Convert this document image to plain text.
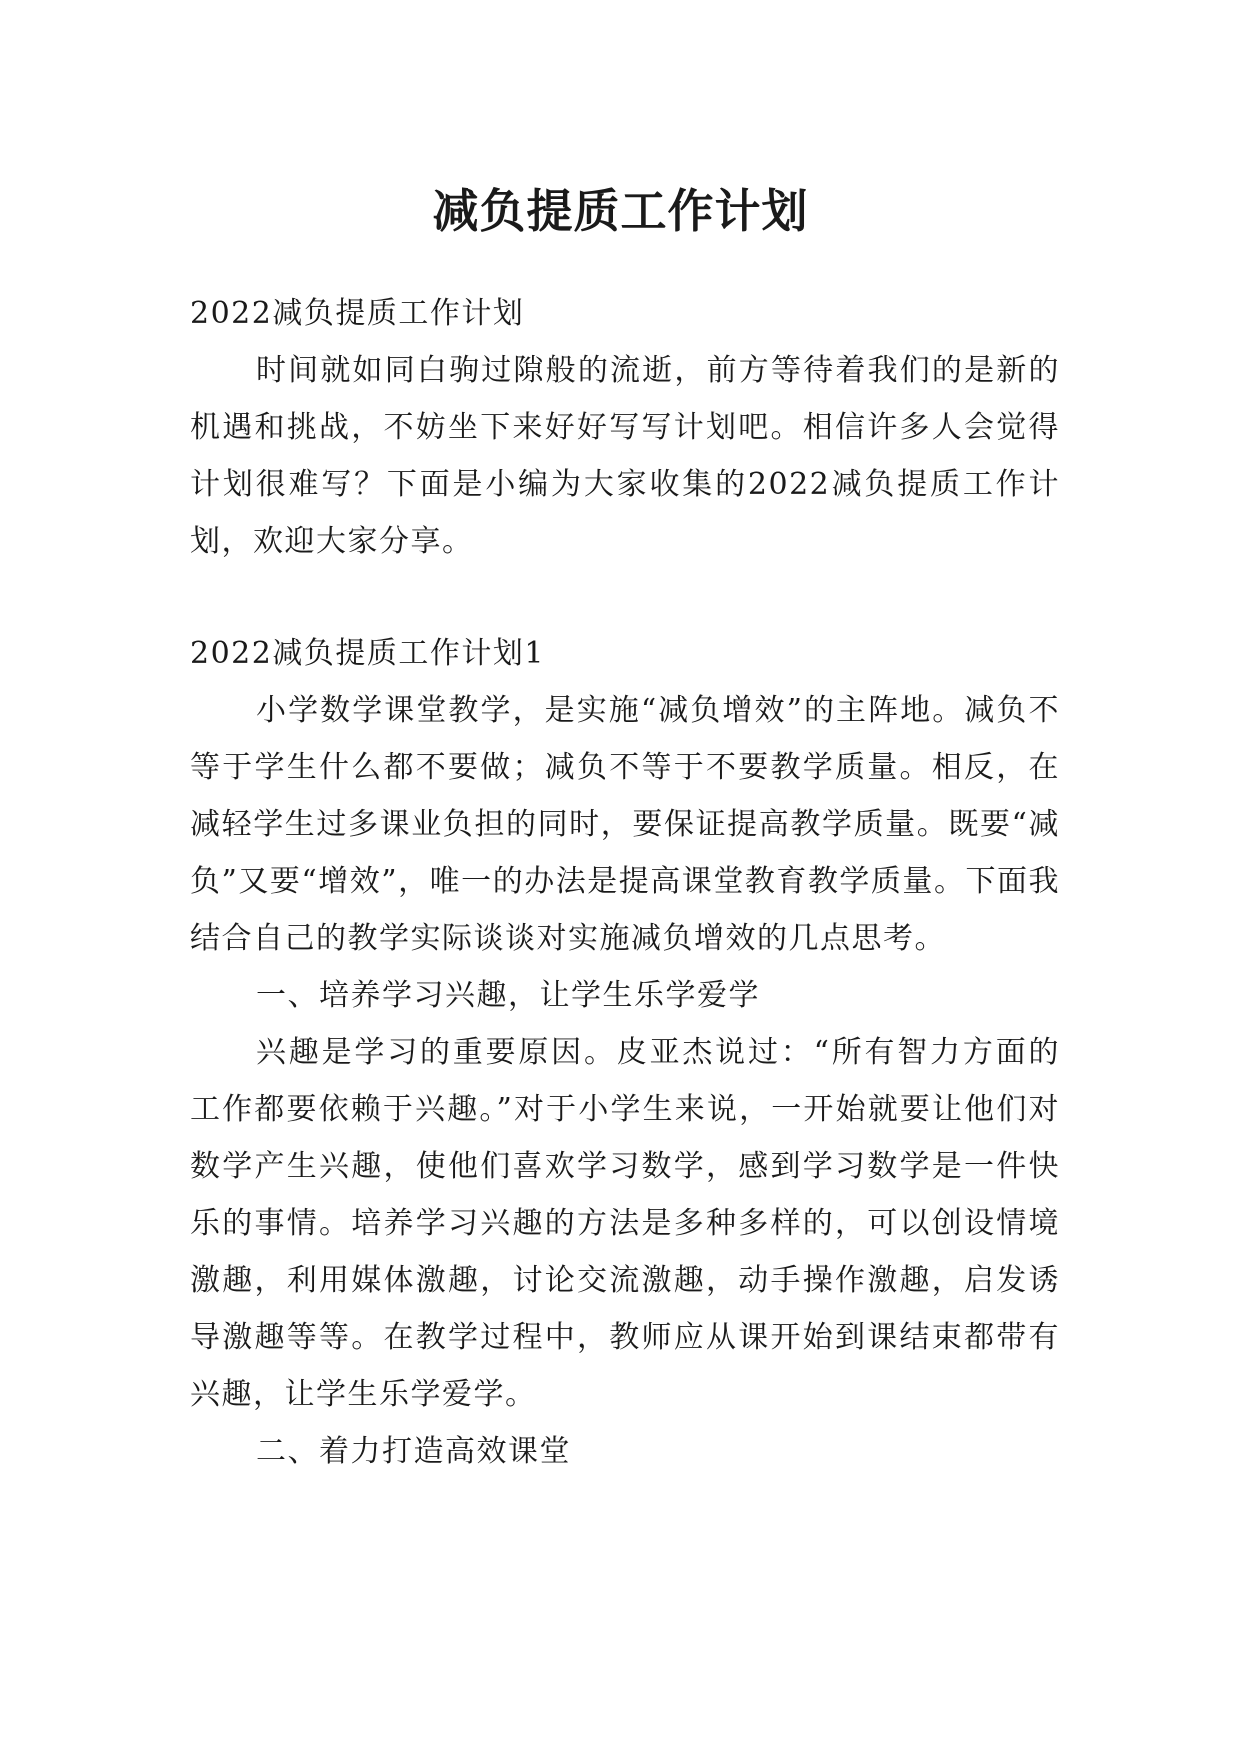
减负提质工作计划

2022减负提质工作计划

时间就如同白驹过隙般的流逝，前方等待着我们的是新的机遇和挑战，不妨坐下来好好写写计划吧。相信许多人会觉得计划很难写？下面是小编为大家收集的2022减负提质工作计划，欢迎大家分享。

2022减负提质工作计划1

小学数学课堂教学，是实施“减负增效”的主阵地。减负不等于学生什么都不要做；减负不等于不要教学质量。相反，在减轻学生过多课业负担的同时，要保证提高教学质量。既要“减负”又要“增效”，唯一的办法是提高课堂教育教学质量。下面我结合自己的教学实际谈谈对实施减负增效的几点思考。

一、培养学习兴趣，让学生乐学爱学

兴趣是学习的重要原因。皮亚杰说过：“所有智力方面的工作都要依赖于兴趣。”对于小学生来说，一开始就要让他们对数学产生兴趣，使他们喜欢学习数学，感到学习数学是一件快乐的事情。培养学习兴趣的方法是多种多样的，可以创设情境激趣，利用媒体激趣，讨论交流激趣，动手操作激趣，启发诱导激趣等等。在教学过程中，教师应从课开始到课结束都带有兴趣，让学生乐学爱学。

二、着力打造高效课堂
